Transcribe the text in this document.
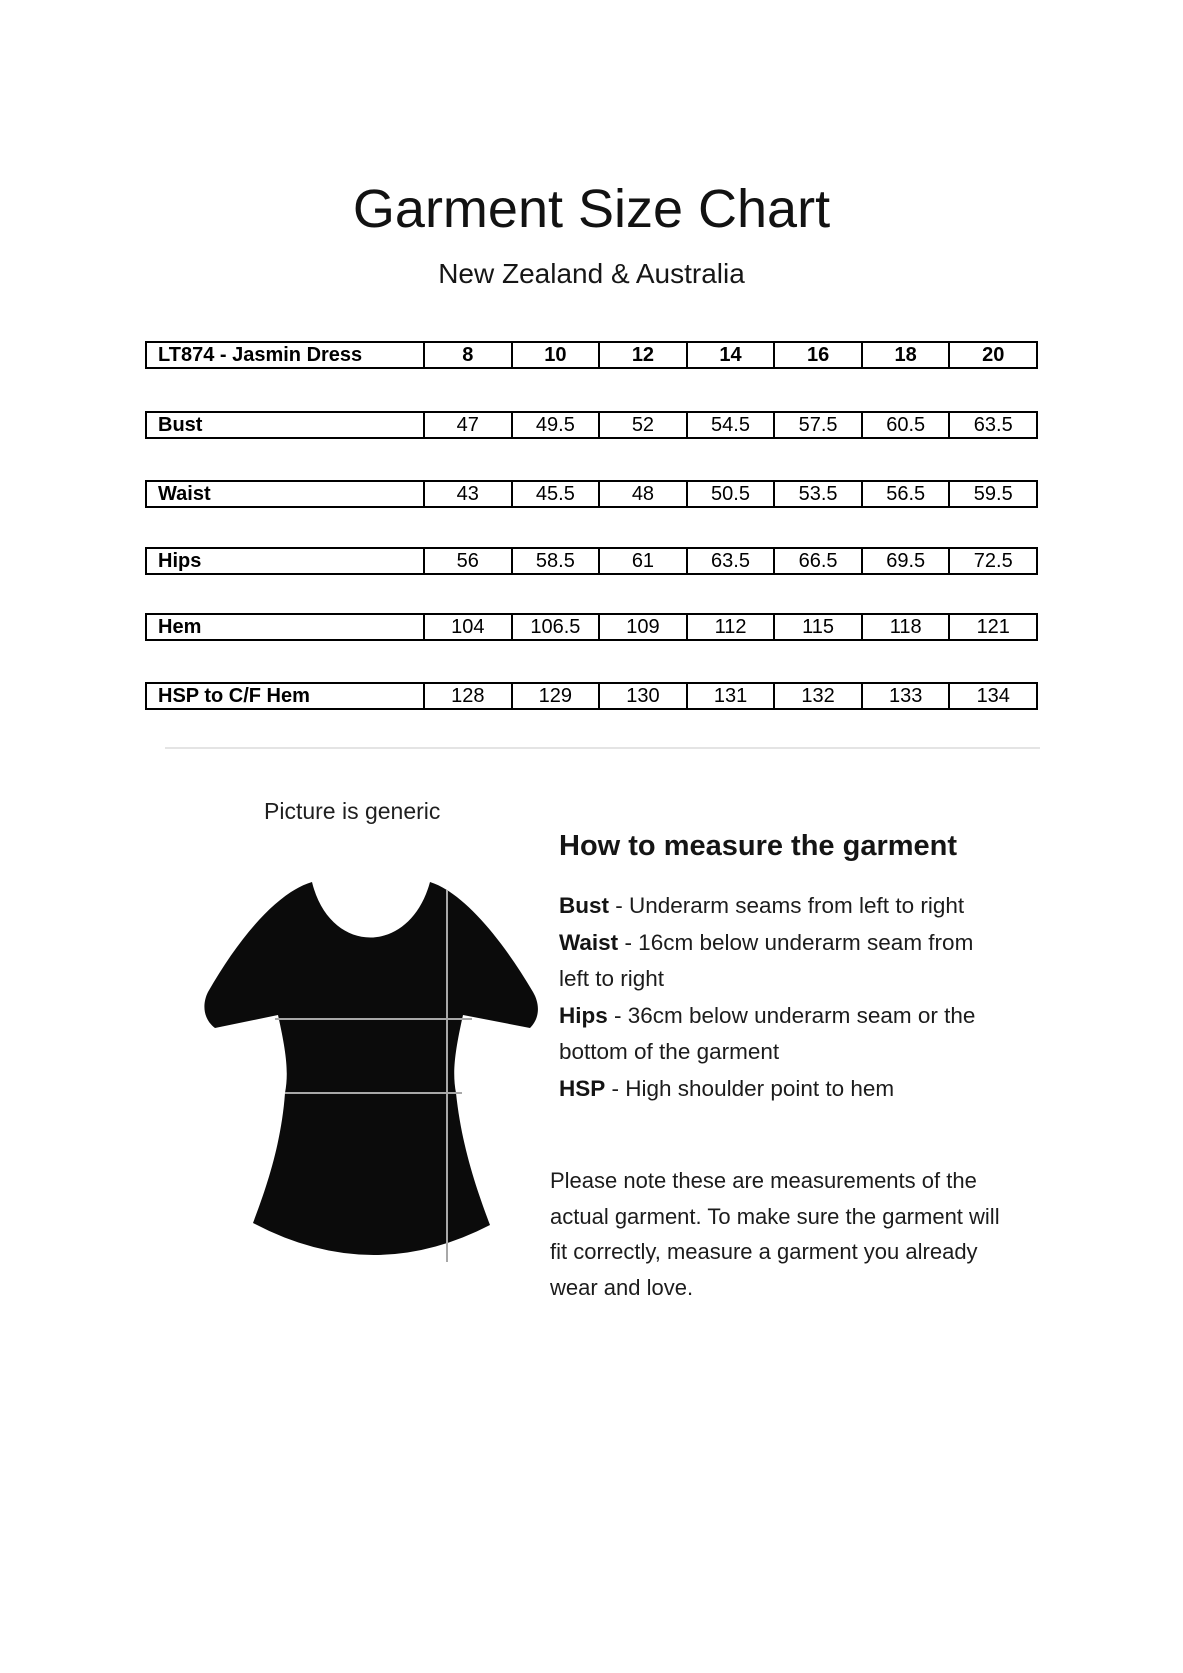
Garment Size Chart
New Zealand & Australia
LT874 - Jasmin Dress	8	10	12	14	16	18	20
Bust	47	49.5	52	54.5	57.5	60.5	63.5
Waist	43	45.5	48	50.5	53.5	56.5	59.5
Hips	56	58.5	61	63.5	66.5	69.5	72.5
Hem	104	106.5	109	112	115	118	121
HSP to C/F Hem	128	129	130	131	132	133	134
Picture is generic
How to measure the garment
Bust - Underarm seams from left to right
Waist - 16cm below underarm seam from left to right
Hips - 36cm below underarm seam or the bottom of the garment
HSP - High shoulder point to hem

Please note these are measurements of the actual garment. To make sure the garment will fit correctly, measure a garment you already wear and love.
